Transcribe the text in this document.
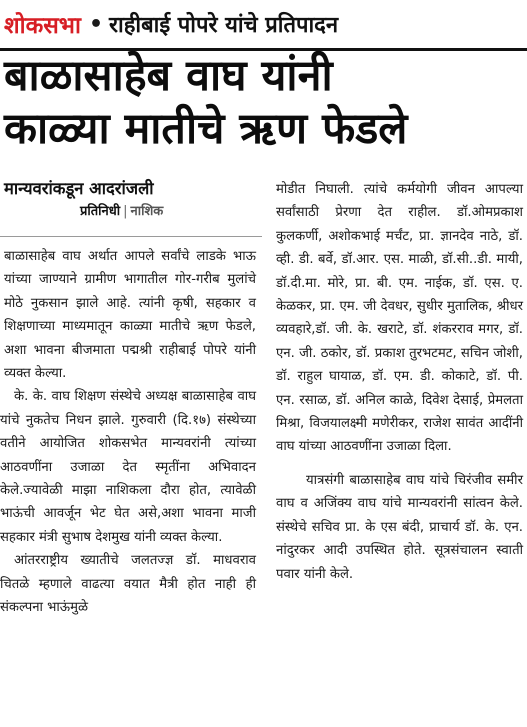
शोकसभा • राहीबाई पोपरे यांचे प्रतिपादन
बाळासाहेब वाघ यांनी
काळ्या मातीचे ऋण फेडले
मान्यवरांकडून आदरांजली
प्रतिनिधी | नाशिक

बाळासाहेब वाघ अर्थात आपले सर्वांचे लाडके भाऊ यांच्या जाण्याने ग्रामीण भागातील गोर-गरीब मुलांचे मोठे नुकसान झाले आहे. त्यांनी कृषी, सहकार व शिक्षणाच्या माध्यमातून काळ्या मातीचे ऋण फेडले, अशा भावना बीजमाता पद्मश्री राहीबाई पोपरे यांनी व्यक्त केल्या.

के. के. वाघ शिक्षण संस्थेचे अध्यक्ष बाळासाहेब वाघ यांचे नुकतेच निधन झाले. गुरुवारी (दि.१७) संस्थेच्या वतीने आयोजित शोकसभेत मान्यवरांनी त्यांच्या आठवणींना उजाळा देत स्मृतींना अभिवादन केले.ज्यावेळी माझा नाशिकला दौरा होत, त्यावेळी भाऊंची आवर्जून भेट घेत असे,अशा भावना माजी सहकार मंत्री सुभाष देशमुख यांनी व्यक्त केल्या.

आंतरराष्ट्रीय ख्यातीचे जलतज्ज्ञ डॉ. माधवराव चितळे म्हणाले वाढत्या वयात मैत्री होत नाही ही संकल्पना भाऊंमुळे

मोडीत निघाली. त्यांचे कर्मयोगी जीवन आपल्या सर्वांसाठी प्रेरणा देत राहील. डॉ.ओमप्रकाश कुलकर्णी, अशोकभाई मर्चंट, प्रा. ज्ञानदेव नाठे, डॉ. व्ही. डी. बर्वे, डॉ.आर. एस. माळी, डॉ.सी..डी. मायी, डॉ.दी.मा. मोरे, प्रा. बी. एम. नाईक, डॉ. एस. ए. केळकर, प्रा. एम. जी देवधर, सुधीर मुतालिक, श्रीधर व्यवहारे,डॉ. जी. के. खराटे, डॉ. शंकरराव मगर, डॉ. एन. जी. ठकोर, डॉ. प्रकाश तुरभटमट, सचिन जोशी, डॉ. राहुल घायाळ, डॉ. एम. डी. कोकाटे, डॉ. पी. एन. रसाळ, डॉ. अनिल काळे, दिवेश देसाई, प्रेमलता मिश्रा, विजयालक्ष्मी मणेरीकर, राजेश सावंत आदींनी वाघ यांच्या आठवणींना उजाळा दिला.

यात्रसंगी बाळासाहेब वाघ यांचे चिरंजीव समीर वाघ व अजिंक्य वाघ यांचे मान्यवरांनी सांत्वन केले. संस्थेचे सचिव प्रा. के एस बंदी, प्राचार्य डॉ. के. एन. नांदुरकर आदी उपस्थित होते. सूत्रसंचालन स्वाती पवार यांनी केले.
